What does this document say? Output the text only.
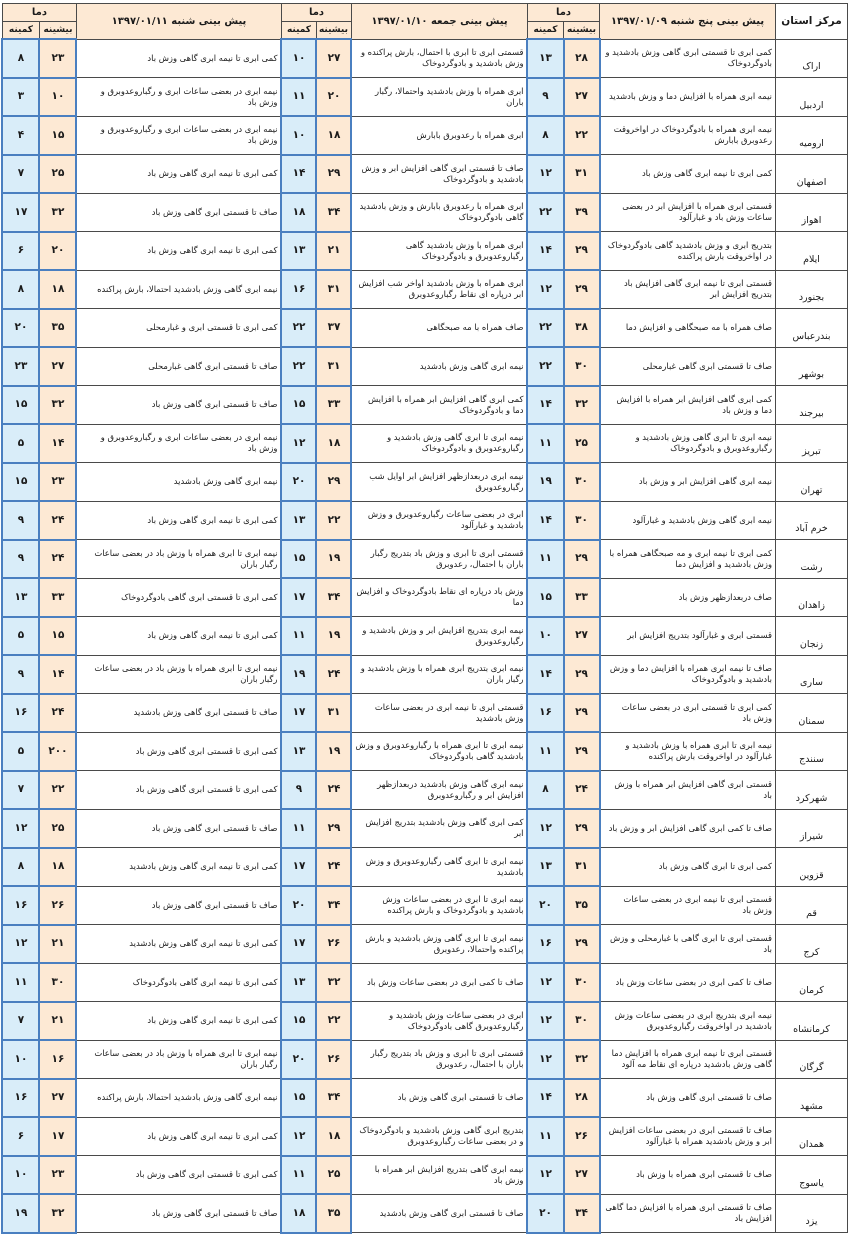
مرکز استان	پیش بینی پنج شنبه ۱۳۹۷/۰۱/۰۹	دما		پیش بینی جمعه ۱۳۹۷/۰۱/۱۰	دما		پیش بینی شنبه ۱۳۹۷/۰۱/۱۱	دما	
		بیشینه	کمینه		بیشینه	کمینه		بیشینه	کمینه
اراک	کمی ابری تا قسمتی ابری گاهی وزش بادشدید و بادوگردوخاک	۲۸	۱۳	قسمتی ابری تا ابری با احتمال، بارش پراکنده و وزش بادشدید و بادوگردوخاک	۲۷	۱۰	کمی ابری تا نیمه ابری گاهی وزش باد	۲۳	۸
اردبیل	نیمه ابری همراه با افزایش دما و وزش بادشدید	۲۷	۹	ابری همراه با وزش بادشدید واحتمالا، رگبار باران	۲۰	۱۱	نیمه ابری در بعضی ساعات ابری و رگباروعدوبرق و وزش باد	۱۰	۳
ارومیه	نیمه ابری همراه با بادوگردوخاک در اواخروقت رعدوبرق بابارش	۲۲	۸	ابری همراه با رعدوبرق بابارش	۱۸	۱۰	نیمه ابری در بعضی ساعات ابری و رگباروعدوبرق و وزش باد	۱۵	۴
اصفهان	کمی ابری تا نیمه ابری گاهی وزش باد	۳۱	۱۲	صاف تا قسمتی ابری گاهی افزایش ابر و وزش بادشدید و بادوگردوخاک	۲۹	۱۴	کمی ابری تا نیمه ابری گاهی وزش باد	۲۵	۷
اهواز	قسمتی ابری همراه با افزایش ابر در بعضی ساعات وزش باد و غبارآلود	۳۹	۲۲	ابری همراه با رعدوبرق بابارش و وزش بادشدید گاهی بادوگردوخاک	۳۴	۱۸	صاف تا قسمتی ابری گاهی وزش باد	۳۲	۱۷
ایلام	بتدریج ابری و وزش بادشدید گاهی بادوگردوخاک در اواخروقت بارش پراکنده	۲۹	۱۴	ابری همراه با وزش بادشدید گاهی رگباروعدوبرق و بادوگردوخاک	۲۱	۱۳	کمی ابری تا نیمه ابری گاهی وزش باد	۲۰	۶
بجنورد	قسمتی ابری تا نیمه ابری گاهی افزایش باد بتدریج افزایش ابر	۲۹	۱۲	ابری همراه با وزش بادشدید اواخر شب افزایش ابر درپاره ای نقاط رگباروعدوبرق	۳۱	۱۶	نیمه ابری گاهی وزش بادشدید احتمالا، بارش پراکنده	۱۸	۸
بندرعباس	صاف همراه با مه صبحگاهی و افزایش دما	۳۸	۲۲	صاف همراه با مه صبحگاهی	۳۷	۲۲	کمی ابری تا قسمتی ابری و غبارمحلی	۳۵	۲۰
بوشهر	صاف تا قسمتی ابری گاهی غبارمحلی	۳۰	۲۲	نیمه ابری گاهی وزش بادشدید	۳۱	۲۲	صاف تا قسمتی ابری گاهی غبارمحلی	۲۷	۲۳
بیرجند	کمی ابری گاهی افزایش ابر همراه با افزایش دما و وزش باد	۳۲	۱۴	کمی ابری گاهی افزایش ابر همراه با افزایش دما و بادوگردوخاک	۳۳	۱۵	صاف تا قسمتی ابری گاهی وزش باد	۳۲	۱۵
تبریز	نیمه ابری تا ابری گاهی وزش بادشدید و رگباروعدوبرق و بادوگردوخاک	۲۵	۱۱	نیمه ابری تا ابری گاهی وزش بادشدید و رگباروعدوبرق و بادوگردوخاک	۱۸	۱۲	نیمه ابری در بعضی ساعات ابری و رگباروعدوبرق و وزش باد	۱۴	۵
تهران	نیمه ابری گاهی افزایش ابر و وزش باد	۳۰	۱۹	نیمه ابری دربعدازظهر افزایش ابر اوایل شب رگباروعدوبرق	۲۹	۲۰	نیمه ابری گاهی وزش بادشدید	۲۳	۱۵
خرم آباد	نیمه ابری گاهی وزش بادشدید و غبارآلود	۳۰	۱۴	ابری در بعضی ساعات رگباروعدوبرق و وزش بادشدید و غبارآلود	۲۲	۱۳	کمی ابری تا نیمه ابری گاهی وزش باد	۲۴	۹
رشت	کمی ابری تا نیمه ابری و مه صبحگاهی همراه با وزش بادشدید و افزایش دما	۲۹	۱۱	قسمتی ابری تا ابری و وزش باد بتدریج رگبار باران با احتمال، رعدوبرق	۱۹	۱۵	نیمه ابری تا ابری همراه با وزش باد در بعضی ساعات رگبار باران	۲۴	۹
زاهدان	صاف دربعدازظهر وزش باد	۳۳	۱۵	وزش باد درپاره ای نقاط بادوگردوخاک و افزایش دما	۳۴	۱۷	کمی ابری تا قسمتی ابری گاهی بادوگردوخاک	۳۳	۱۳
زنجان	قسمتی ابری و غبارآلود بتدریج افزایش ابر	۲۷	۱۰	نیمه ابری بتدریج افزایش ابر و وزش بادشدید و رگباروعدوبرق	۱۹	۱۱	کمی ابری تا نیمه ابری گاهی وزش باد	۱۵	۵
ساری	صاف تا نیمه ابری همراه با افزایش دما و وزش بادشدید و بادوگردوخاک	۲۹	۱۴	نیمه ابری بتدریج ابری همراه با وزش بادشدید و رگبار باران	۲۴	۱۹	نیمه ابری تا ابری همراه با وزش باد در بعضی ساعات رگبار باران	۱۴	۹
سمنان	کمی ابری تا قسمتی ابری در بعضی ساعات وزش باد	۲۹	۱۶	قسمتی ابری تا نیمه ابری در بعضی ساعات وزش بادشدید	۳۱	۱۷	صاف تا قسمتی ابری گاهی وزش بادشدید	۲۴	۱۶
سنندج	نیمه ابری تا ابری همراه با وزش بادشدید و غبارآلود در اواخروقت بارش پراکنده	۲۹	۱۱	نیمه ابری تا ابری همراه با رگباروعدوبرق و وزش بادشدید گاهی بادوگردوخاک	۱۹	۱۳	کمی ابری تا قسمتی ابری گاهی وزش باد	۲۰۰	۵
شهرکرد	قسمتی ابری گاهی افزایش ابر همراه با وزش باد	۲۴	۸	نیمه ابری گاهی وزش بادشدید دربعدازظهر افزایش ابر و رگباروعدوبرق	۲۴	۹	کمی ابری تا قسمتی ابری گاهی وزش باد	۲۲	۷
شیراز	صاف تا کمی ابری گاهی افزایش ابر و وزش باد	۲۹	۱۲	کمی ابری گاهی وزش بادشدید بتدریج افزایش ابر	۲۹	۱۱	صاف تا قسمتی ابری گاهی وزش باد	۲۵	۱۲
قزوین	کمی ابری تا ابری گاهی وزش باد	۳۱	۱۳	نیمه ابری تا ابری گاهی رگباروعدوبرق و وزش بادشدید	۲۴	۱۷	کمی ابری تا نیمه ابری گاهی وزش بادشدید	۱۸	۸
قم	قسمتی ابری تا نیمه ابری در بعضی ساعات وزش باد	۳۵	۲۰	نیمه ابری تا ابری در بعضی ساعات وزش بادشدید و بادوگردوخاک و بارش پراکنده	۳۴	۲۰	صاف تا قسمتی ابری گاهی وزش باد	۲۶	۱۶
کرج	قسمتی ابری تا ابری گاهی با غبارمحلی و وزش باد	۲۹	۱۶	نیمه ابری تا ابری گاهی وزش بادشدید و بارش پراکنده واحتمالا، رعدوبرق	۲۶	۱۷	کمی ابری تا نیمه ابری گاهی وزش بادشدید	۲۱	۱۲
کرمان	صاف تا کمی ابری در بعضی ساعات وزش باد	۳۰	۱۲	صاف تا کمی ابری در بعضی ساعات وزش باد	۳۲	۱۳	کمی ابری تا نیمه ابری گاهی بادوگردوخاک	۳۰	۱۱
کرمانشاه	نیمه ابری بتدریج ابری در بعضی ساعات وزش بادشدید در اواخروقت رگباروعدوبرق	۳۰	۱۲	ابری در بعضی ساعات وزش بادشدید و رگباروعدوبرق گاهی بادوگردوخاک	۲۲	۱۵	کمی ابری تا نیمه ابری گاهی وزش باد	۲۱	۷
گرگان	قسمتی ابری تا نیمه ابری همراه با افزایش دما گاهی وزش بادشدید درپاره ای نقاط مه آلود	۳۲	۱۲	قسمتی ابری تا ابری و وزش باد بتدریج رگبار باران با احتمال، رعدوبرق	۲۶	۲۰	نیمه ابری تا ابری همراه با وزش باد در بعضی ساعات رگبار باران	۱۶	۱۰
مشهد	صاف تا قسمتی ابری گاهی وزش باد	۲۸	۱۴	صاف تا قسمتی ابری گاهی وزش باد	۳۴	۱۵	نیمه ابری گاهی وزش بادشدید احتمالا، بارش پراکنده	۲۷	۱۶
همدان	صاف تا قسمتی ابری در بعضی ساعات افزایش ابر و وزش بادشدید همراه با غبارآلود	۲۶	۱۱	بتدریج ابری گاهی وزش بادشدید و بادوگردوخاک و در بعضی ساعات رگباروعدوبرق	۱۸	۱۲	کمی ابری تا نیمه ابری گاهی وزش باد	۱۷	۶
یاسوج	صاف تا قسمتی ابری همراه با وزش باد	۲۷	۱۲	نیمه ابری گاهی بتدریج افزایش ابر همراه با وزش باد	۲۵	۱۱	کمی ابری تا قسمتی ابری گاهی وزش باد	۲۳	۱۰
یزد	صاف تا قسمتی ابری همراه با افزایش دما گاهی افزایش باد	۳۴	۲۰	صاف تا قسمتی ابری گاهی وزش بادشدید	۳۵	۱۸	صاف تا قسمتی ابری گاهی وزش باد	۳۲	۱۹
